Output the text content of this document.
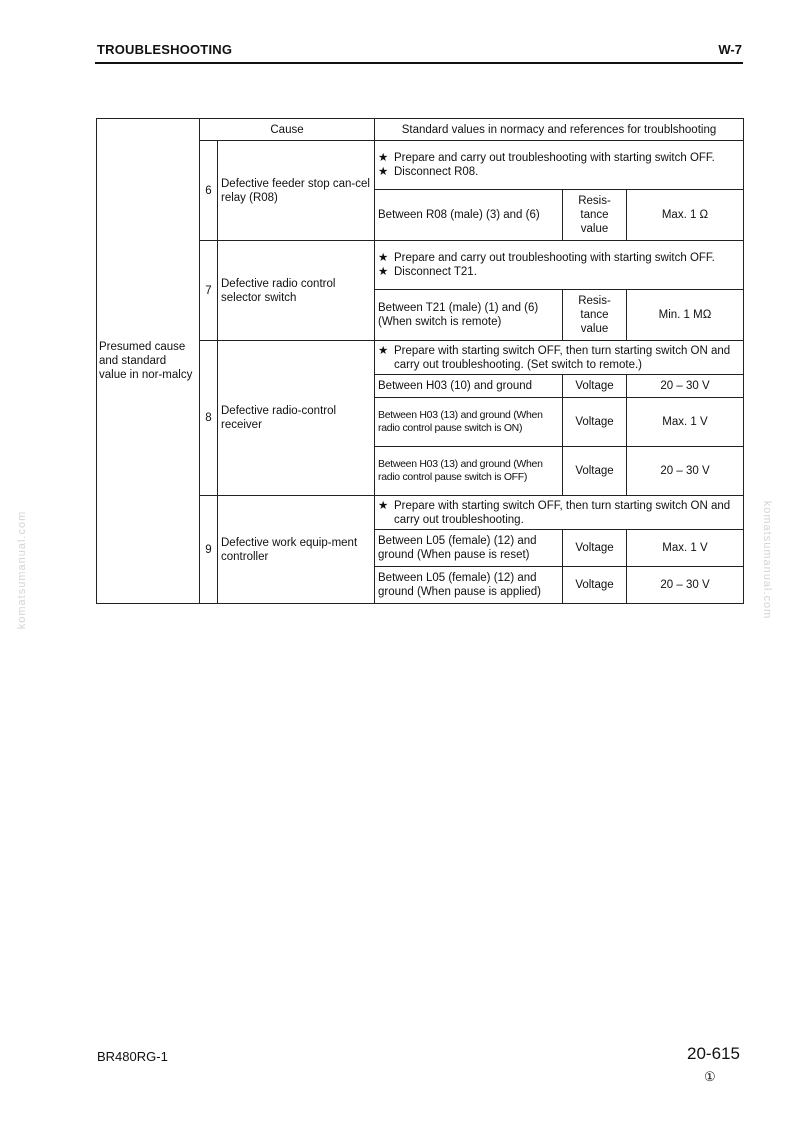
TROUBLESHOOTING	W-7
komatsumanual.com	komatsumanual.com
Presumed cause and standard value in nor-malcy	Cause		Standard values in normacy and references for troublshooting		
	6	Defective feeder stop can-cel relay (R08)	★ Prepare and carry out troubleshooting with starting switch OFF.
★ Disconnect R08.		

			Between R08 (male) (3) and (6)	Resis-tance value	Max. 1 Ω
	7	Defective radio control selector switch	★ Prepare and carry out troubleshooting with starting switch OFF.
★ Disconnect T21.		

			Between T21 (male) (1) and (6) (When switch is remote)	Resis-tance value	Min. 1 MΩ
	8	Defective radio-control receiver	★ Prepare with starting switch OFF, then turn starting switch ON and carry out troubleshooting. (Set switch to remote.)		

			Between H03 (10) and ground	Voltage	20 – 30 V
			Between H03 (13) and ground (When radio control pause switch is ON)	Voltage	Max. 1 V
			Between H03 (13) and ground (When radio control pause switch is OFF)	Voltage	20 – 30 V
	9	Defective work equip-ment controller	★ Prepare with starting switch OFF, then turn starting switch ON and carry out troubleshooting.		

			Between L05 (female) (12) and ground (When pause is reset)	Voltage	Max. 1 V
			Between L05 (female) (12) and ground (When pause is applied)	Voltage	20 – 30 V
BR480RG-1	20-615
①
